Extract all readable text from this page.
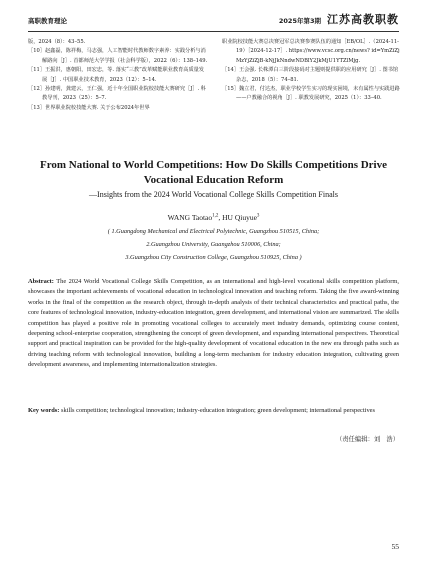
高职教育理论	2025年第3期 江苏高教职教
版，2024（8）：43–55.
［10］赵鑫磊，陈祥梅，马志强，人工智能时代教师数字素养：实践分析与消解路向［J］. 首都师范大学学报（社会科学版），2022（6）：138–149.
［11］王振洪，惠朝阳，田宏忠，等. 落实“三教”改革赋能职业教育高质量发展［J］. 中国职业技术教育，2023（12）：5–14.
［12］孙建明，龚建云，王仁强，近十年全国职业院校技能大赛研究［J］. 科教导刊，2023（25）：5–7.
［13］世界职业院校技能大赛. 关于公布2024年世界
职业院校技能大赛总决赛冠军总决赛参赛队伍的通知［EB/OL］.（2024-11-19）［2024-12-17］. https://www.vcsc.org.cn/news? id=YmZiZjMzYjZiZjB-kNjJkNndwNDBlY2JkMjU1YTZlMjg.
［14］王会强. 长株潭白三阶段接码对主题则提供职的应用研究［J］. 图书馆杂志，2018（5）：74–81.
［15］魏立君，付达杰，职业学校学生实习的现实困境，未有属性与实践进路——户教融合的视角［J］. 职教发展研究，2025（1）：33–40.
From National to World Competitions: How Do Skills Competitions Drive
Vocational Education Reform
—Insights from the 2024 World Vocational College Skills Competition Finals
WANG Taotao$^{1,2}$, HU Qiuyue$^3$
( 1.Guangdong Mechanical and Electrical Polytechnic, Guangzhou 510515, China;
2.Guangzhou University, Guangzhou 510006, China;
3.Guangzhou City Construction College, Guangzhou 510925, China )
Abstract: The 2024 World Vocational College Skills Competition, as an international and high-level vocational skills competition platform, showcases the important achievements of vocational education in technological innovation and teaching reform. Taking the five award-winning works in the final of the competition as the research object, through in-depth analysis of their technical characteristics and practical paths, the core features of technological innovation, industry-education integration, green development, and international vision are summarized. The skills competition has played a positive role in promoting vocational colleges to accurately meet industry demands, optimizing course content, deepening school-enterprise cooperation, strengthening the concept of green development, and expanding international perspectives. Theoretical support and practical inspiration can be provided for the high-quality development of vocational education in the new era through paths such as driving teaching reform with technological innovation, building a long-term mechanism for industry education integration, cultivating green development awareness, and implementing internationalization strategies.
Key words: skills competition; technological innovation; industry-education integration; green development; international perspectives
（责任编辑：刘　浩）
55
